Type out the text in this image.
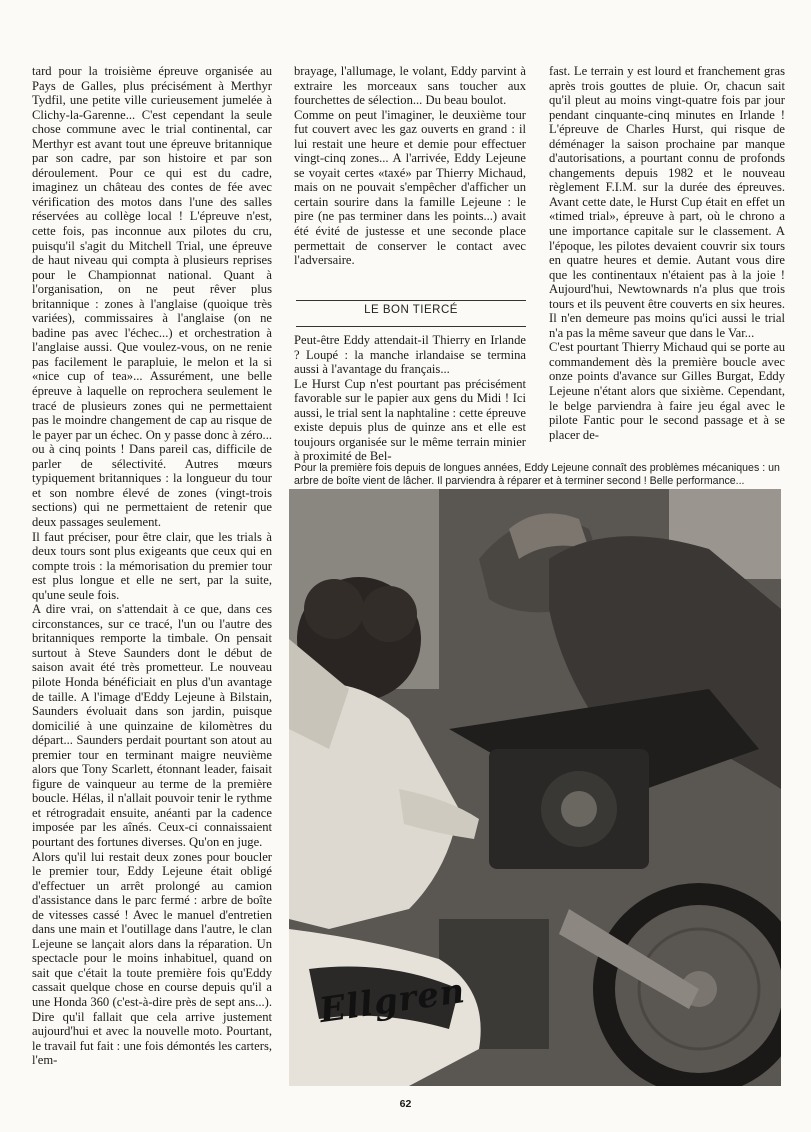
tard pour la troisième épreuve organisée au Pays de Galles, plus précisément à Merthyr Tydfil, une petite ville curieusement jumelée à Clichy-la-Garenne... C'est cependant la seule chose commune avec le trial continental, car Merthyr est avant tout une épreuve britannique par son cadre, par son histoire et par son déroulement. Pour ce qui est du cadre, imaginez un château des contes de fée avec vérification des motos dans l'une des salles réservées au collège local ! L'épreuve n'est, cette fois, pas inconnue aux pilotes du cru, puisqu'il s'agit du Mitchell Trial, une épreuve de haut niveau qui compta à plusieurs reprises pour le Championnat national. Quant à l'organisation, on ne peut rêver plus britannique : zones à l'anglaise (quoique très variées), commissaires à l'anglaise (on ne badine pas avec l'échec...) et orchestration à l'anglaise aussi. Que voulez-vous, on ne renie pas facilement le parapluie, le melon et la si «nice cup of tea»... Assurément, une belle épreuve à laquelle on reprochera seulement le tracé de plusieurs zones qui ne permettaient pas le moindre changement de cap au risque de le payer par un échec. On y passe donc à zéro... ou à cinq points ! Dans pareil cas, difficile de parler de sélectivité. Autres mœurs typiquement britanniques : la longueur du tour et son nombre élevé de zones (vingt-trois sections) qui ne permettaient de retenir que deux passages seulement.

Il faut préciser, pour être clair, que les trials à deux tours sont plus exigeants que ceux qui en compte trois : la mémorisation du premier tour est plus longue et elle ne sert, par la suite, qu'une seule fois.

A dire vrai, on s'attendait à ce que, dans ces circonstances, sur ce tracé, l'un ou l'autre des britanniques remporte la timbale. On pensait surtout à Steve Saunders dont le début de saison avait été très prometteur. Le nouveau pilote Honda bénéficiait en plus d'un avantage de taille. A l'image d'Eddy Lejeune à Bilstain, Saunders évoluait dans son jardin, puisque domicilié à une quinzaine de kilomètres du départ... Saunders perdait pourtant son atout au premier tour en terminant maigre neuvième alors que Tony Scarlett, étonnant leader, faisait figure de vainqueur au terme de la première boucle. Hélas, il n'allait pouvoir tenir le rythme et rétrogradait ensuite, anéanti par la cadence imposée par les aînés. Ceux-ci connaissaient pourtant des fortunes diverses. Qu'on en juge.

Alors qu'il lui restait deux zones pour boucler le premier tour, Eddy Lejeune était obligé d'effectuer un arrêt prolongé au camion d'assistance dans le parc fermé : arbre de boîte de vitesses cassé ! Avec le manuel d'entretien dans une main et l'outillage dans l'autre, le clan Lejeune se lançait alors dans la réparation. Un spectacle pour le moins inhabituel, quand on sait que c'était la toute première fois qu'Eddy cassait quelque chose en course depuis qu'il a une Honda 360 (c'est-à-dire près de sept ans...). Dire qu'il fallait que cela arrive justement aujourd'hui et avec la nouvelle moto. Pourtant, le travail fut fait : une fois démontés les carters, l'em-

brayage, l'allumage, le volant, Eddy parvint à extraire les morceaux sans toucher aux fourchettes de sélection... Du beau boulot.

Comme on peut l'imaginer, le deuxième tour fut couvert avec les gaz ouverts en grand : il lui restait une heure et demie pour effectuer vingt-cinq zones... A l'arrivée, Eddy Lejeune se voyait certes «taxé» par Thierry Michaud, mais on ne pouvait s'empêcher d'afficher un certain sourire dans la famille Lejeune : le pire (ne pas terminer dans les points...) avait été évité de justesse et une seconde place permettait de conserver le contact avec l'adversaire.

LE BON TIERCÉ

Peut-être Eddy attendait-il Thierry en Irlande ? Loupé : la manche irlandaise se termina aussi à l'avantage du français...

Le Hurst Cup n'est pourtant pas précisément favorable sur le papier aux gens du Midi ! Ici aussi, le trial sent la naphtaline : cette épreuve existe depuis plus de quinze ans et elle est toujours organisée sur le même terrain minier à proximité de Bel-

fast. Le terrain y est lourd et franchement gras après trois gouttes de pluie. Or, chacun sait qu'il pleut au moins vingt-quatre fois par jour pendant cinquante-cinq minutes en Irlande ! L'épreuve de Charles Hurst, qui risque de déménager la saison prochaine par manque d'autorisations, a pourtant connu de profonds changements depuis 1982 et le nouveau règlement F.I.M. sur la durée des épreuves. Avant cette date, le Hurst Cup était en effet un «timed trial», épreuve à part, où le chrono a une importance capitale sur le classement. A l'époque, les pilotes devaient couvrir six tours en quatre heures et demie. Autant vous dire que les continentaux n'étaient pas à la joie ! Aujourd'hui, Newtownards n'a plus que trois tours et ils peuvent être couverts en six heures. Il n'en demeure pas moins qu'ici aussi le trial n'a pas la même saveur que dans le Var...

C'est pourtant Thierry Michaud qui se porte au commandement dès la première boucle avec onze points d'avance sur Gilles Burgat, Eddy Lejeune n'étant alors que sixième. Cependant, le belge parviendra à faire jeu égal avec le pilote Fantic pour le second passage et à se placer de-

Pour la première fois depuis de longues années, Eddy Lejeune connaît des problèmes mécaniques : un arbre de boîte vient de lâcher. Il parviendra à réparer et à terminer second ! Belle performance...
Ellgren
62
